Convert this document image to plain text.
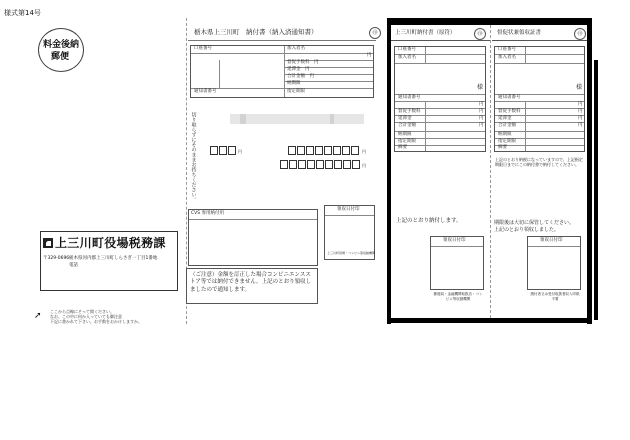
様式第14号
料金後納
郵便
上三川町役場税務課
〒329-0696 栃木県河内郡上三川町しらさぎ一丁目1番地
電話
➚ ここから点線にそって開ください。
なお、この中に何か入っていても御注意
下記に書かれて下さい。お手数をおかけしますか。
栃木県上三川町　納付書（納入済通知書）	㊞
口座番号	加入者名
円
督促手数料　円
延滞金　円
合計金額　円
納期限
通知書番号	指定期限
切り取らずにそのままお持ちください。	円	円
円
CVS 専用納付用
領収日付印
上三川町役場・コンビニ等収納機関
（ご注意）金額を訂正した場合コンビニエンスストア等では納付できません。上記のとおり領収しましたので通知します。
上三川町納付書（原符）	㊞
口座番号
加入者名
様
通知書番号
円
督促手数料	円
延滞金	円
合計金額	円
納期限
指定期限
摘要
上記のとおり納付します。
領収日付印
郵便局・金融機関取扱店・コンビニ等収納機関
督促状兼領収証書	㊞
口座番号
加入者名
様
通知書番号
円
督促手数料	円
延滞金	円
合計金額	円
納期限
指定期限
摘要
上記のとおり納税になっていますので、上記指定期限日までにこの納付書で納付してください。
期限後は大切に保管してください。
上記のとおり領収しました。
領収日付印
納付者又は受付取扱者収入印紙不要
